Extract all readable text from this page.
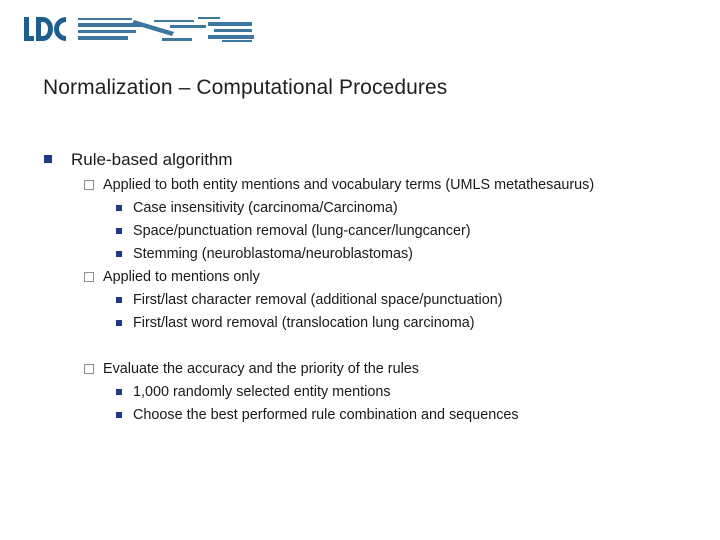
Normalization – Computational Procedures
Rule-based algorithm
Applied to both entity mentions and vocabulary terms (UMLS metathesaurus)
Case insensitivity (carcinoma/Carcinoma)
Space/punctuation removal (lung-cancer/lungcancer)
Stemming (neuroblastoma/neuroblastomas)
Applied to mentions only
First/last character removal (additional space/punctuation)
First/last word removal (translocation lung carcinoma)
Evaluate the accuracy and the priority of the rules
1,000 randomly selected entity mentions
Choose the best performed rule combination and sequences
